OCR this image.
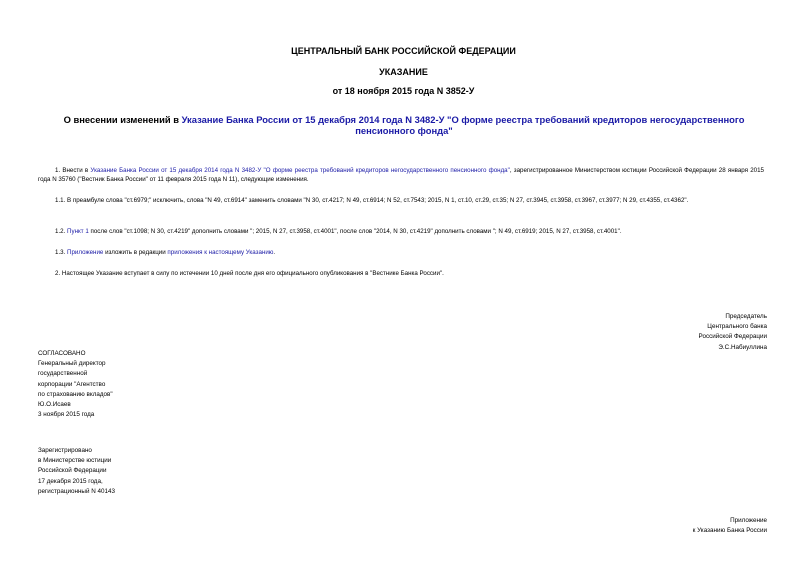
ЦЕНТРАЛЬНЫЙ БАНК РОССИЙСКОЙ ФЕДЕРАЦИИ
УКАЗАНИЕ
от 18 ноября 2015 года N 3852-У
О внесении изменений в Указание Банка России от 15 декабря 2014 года N 3482-У "О форме реестра требований кредиторов негосударственного пенсионного фонда"
1. Внести в Указание Банка России от 15 декабря 2014 года N 3482-У "О форме реестра требований кредиторов негосударственного пенсионного фонда", зарегистрированное Министерством юстиции Российской Федерации 28 января 2015 года N 35760 ("Вестник Банка России" от 11 февраля 2015 года N 11), следующие изменения.
1.1. В преамбуле слова "ст.6979;" исключить, слова "N 49, ст.6914" заменить словами "N 30, ст.4217; N 49, ст.6914; N 52, ст.7543; 2015, N 1, ст.10, ст.29, ст.35; N 27, ст.3945, ст.3958, ст.3967, ст.3977; N 29, ст.4355, ст.4362".
1.2. Пункт 1 после слов "ст.1098; N 30, ст.4219" дополнить словами "; 2015, N 27, ст.3958, ст.4001", после слов "2014, N 30, ст.4219" дополнить словами "; N 49, ст.6919; 2015, N 27, ст.3958, ст.4001".
1.3. Приложение изложить в редакции приложения к настоящему Указанию.
2. Настоящее Указание вступает в силу по истечении 10 дней после дня его официального опубликования в "Вестнике Банка России".
Председатель
Центрального банка
Российской Федерации
Э.С.Набиуллина
СОГЛАСОВАНО
Генеральный директор
государственной
корпорации "Агентство
по страхованию вкладов"
Ю.О.Исаев
3 ноября 2015 года
Зарегистрировано
в Министерстве юстиции
Российской Федерации
17 декабря 2015 года,
регистрационный N 40143
Приложение
к Указанию Банка России
